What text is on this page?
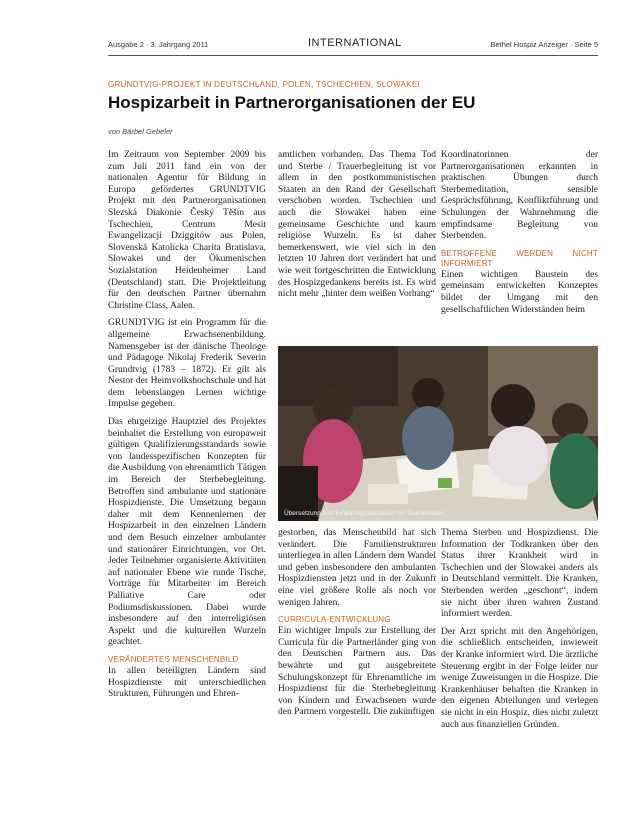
Ausgabe 2 · 3. Jahrgang 2011	INTERNATIONAL	Bethel Hospiz Anzeiger · Seite 5
GRUNDTVIG-PROJEKT IN DEUTSCHLAND, POLEN, TSCHECHIEN, SLOWAKEI
Hospizarbeit in Partnerorganisationen der EU
von Bärbel Gebeler

Im Zeitraum von September 2009 bis zum Juli 2011 fand ein von der nationalen Agentur für Bildung in Europa gefördertes GRUNDTVIG Projekt mit den Partnerorganisationen Slezská Diakonie Český Těšín aus Tschechien, Centrum Mesit Ewangelizacji Dziggitów aus Polen, Slovenská Katolícka Charita Bratislava, Slowakei und der Ökumenischen Sozialstation Heidenheimer Land (Deutschland) statt. Die Projektleitung für den deutschen Partner übernahm Christine Class, Aalen.

GRUNDTVIG ist ein Programm für die allgemeine Erwachsenenbildung. Namensgeber ist der dänische Theologe und Pädagoge Nikolaj Frederik Severin Grundtvig (1783 – 1872). Er gilt als Nestor der Heimvolkshochschule und hat dem lebenslangen Lernen wichtige Impulse gegeben.

Das ehrgeizige Hauptziel des Projektes beinhaltet die Erstellung von europaweit gültigen Qualifizierungsstandards sowie von landesspezifischen Konzepten für die Ausbildung von ehrenamtlich Tätigen im Bereich der Sterbebegleitung. Betroffen sind ambulante und stationäre Hospizdienste. Die Umsetzung begann daher mit dem Kennenlernen der Hospizarbeit in den einzelnen Ländern und dem Besuch einzelner ambulanter und stationärer Einrichtungen, vor Ort. Jeder Teilnehmer organisierte Aktivitäten auf nationaler Ebene wie runde Tische, Vorträge für Mitarbeiter im Bereich Palliative Care oder Podiumsdiskussionen. Dabei wurde insbesondere auf den interreligiösen Aspekt und die kulturellen Wurzeln geachtet.

VERÄNDERTES MENSCHENBILD

In allen beteiligten Ländern sind Hospizdienste mit unterschiedlichen Strukturen, Führungen und Ehren-

amtlichen vorhanden. Das Thema Tod und Sterbe / Trauerbegleitung ist vor allem in den postkommunistischen Staaten an den Rand der Gesellschaft verschoben worden. Tschechien und auch die Slowakei haben eine gemeinsame Geschichte und kaum religiöse Wurzeln. Es ist daher bemerkenswert, wie viel sich in den letzten 10 Jahren dort verändert hat und wie weit fortgeschritten die Entwicklung des Hospizgedankens bereits ist. Es wird nicht mehr „hinter dem weißen Vorhang“

Koordinatorinnen der Partnerorganisationen erkannten in praktischen Übungen durch Sterbemeditation, sensible Gesprächsführung, Konfliktführung und Schulungen der Wahrnehmung die empfindsame Begleitung von Sterbenden.

BETROFFENE WERDEN NICHT INFORMIERT

Einen wichtigen Baustein des gemeinsam entwickelten Konzeptes bildet der Umgang mit den gesellschaftlichen Widerständen beim

Übersetzung und Erfahrungsaustausch im Teamkontext

gestorben, das Menschenbild hat sich verändert. Die Familienstrukturen unterliegen in allen Ländern dem Wandel und geben insbesondere den ambulanten Hospizdiensten jetzt und in der Zukunft eine viel größere Rolle als noch vor wenigen Jahren.

CURRICULA-ENTWICKLUNG

Ein wichtiger Impuls zur Erstellung der Curricula für die Partnerländer ging von den Deutschen Partnern aus. Das bewährte und gut ausgebreitete Schulungskonzept für Ehrenamtliche im Hospizdienst für die Sterbebegleitung von Kindern und Erwachsenen wurde den Partnern vorgestellt. Die zukünftigen

Thema Sterben und Hospizdienst. Die Information der Todkranken über den Status ihrer Krankheit wird in Tschechien und der Slowakei anders als in Deutschland vermittelt. Die Kranken, Sterbenden werden „geschont“, indem sie nicht über ihren wahren Zustand informiert werden.

Der Arzt spricht mit den Angehörigen, die schließlich entscheiden, inwieweit der Kranke informiert wird. Die ärztliche Steuerung ergibt in der Folge leider nur wenige Zuweisungen in die Hospize. Die Krankenhäuser behalten die Kranken in den eigenen Abteilungen und verlegen sie nicht in ein Hospiz, dies nicht zuletzt auch aus finanziellen Gründen.
